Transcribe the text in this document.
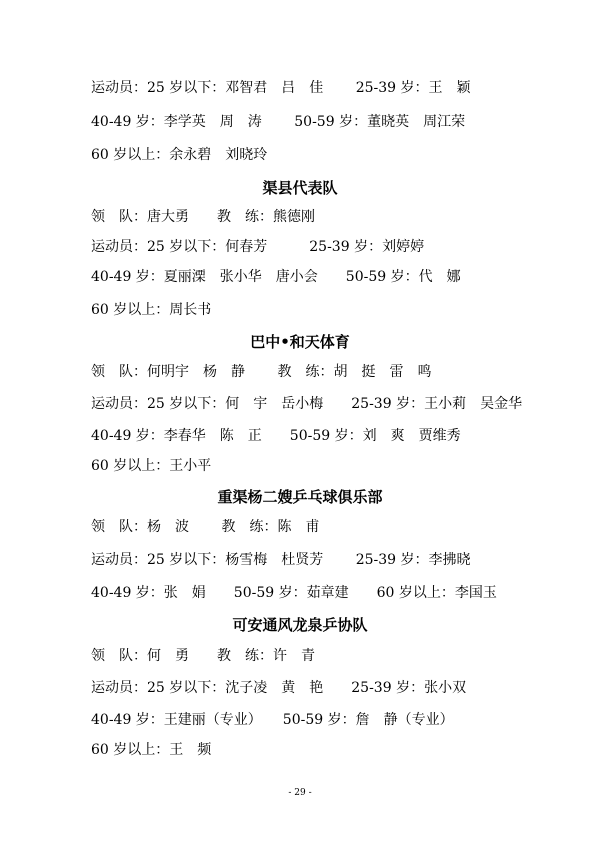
运动员：25 岁以下：邓智君　吕　佳　　 25-39 岁：王　颖
40-49 岁：李学英　周　涛　　 50-59 岁：董晓英　周江荣
60 岁以上：余永碧　刘晓玲
渠县代表队
领　队：唐大勇　　教　练：熊德刚
运动员：25 岁以下：何春芳　　　25-39 岁：刘婷婷
40-49 岁：夏丽溧　张小华　唐小会　　50-59 岁：代　娜
60 岁以上：周长书
巴中•和天体育
领　队：何明宇　杨　静　　 教　练：胡　挺　雷　鸣
运动员：25 岁以下：何　宇　岳小梅　　25-39 岁：王小莉　吴金华
40-49 岁：李春华　陈　正　　50-59 岁：刘　爽　贾维秀
60 岁以上：王小平
重渠杨二嫂乒乓球俱乐部
领　队：杨　波　　 教　练：陈　甫
运动员：25 岁以下：杨雪梅　杜贤芳　　 25-39 岁：李拂晓
40-49 岁：张　娟　　50-59 岁：茹章建　　60 岁以上：李国玉
可安通风龙泉乒协队
领　队：何　勇　　教　练：许　青
运动员：25 岁以下：沈子凌　黄　艳　　25-39 岁：张小双
40-49 岁：王建丽（专业）　　50-59 岁：詹　静（专业）
60 岁以上：王　频
- 29 -
